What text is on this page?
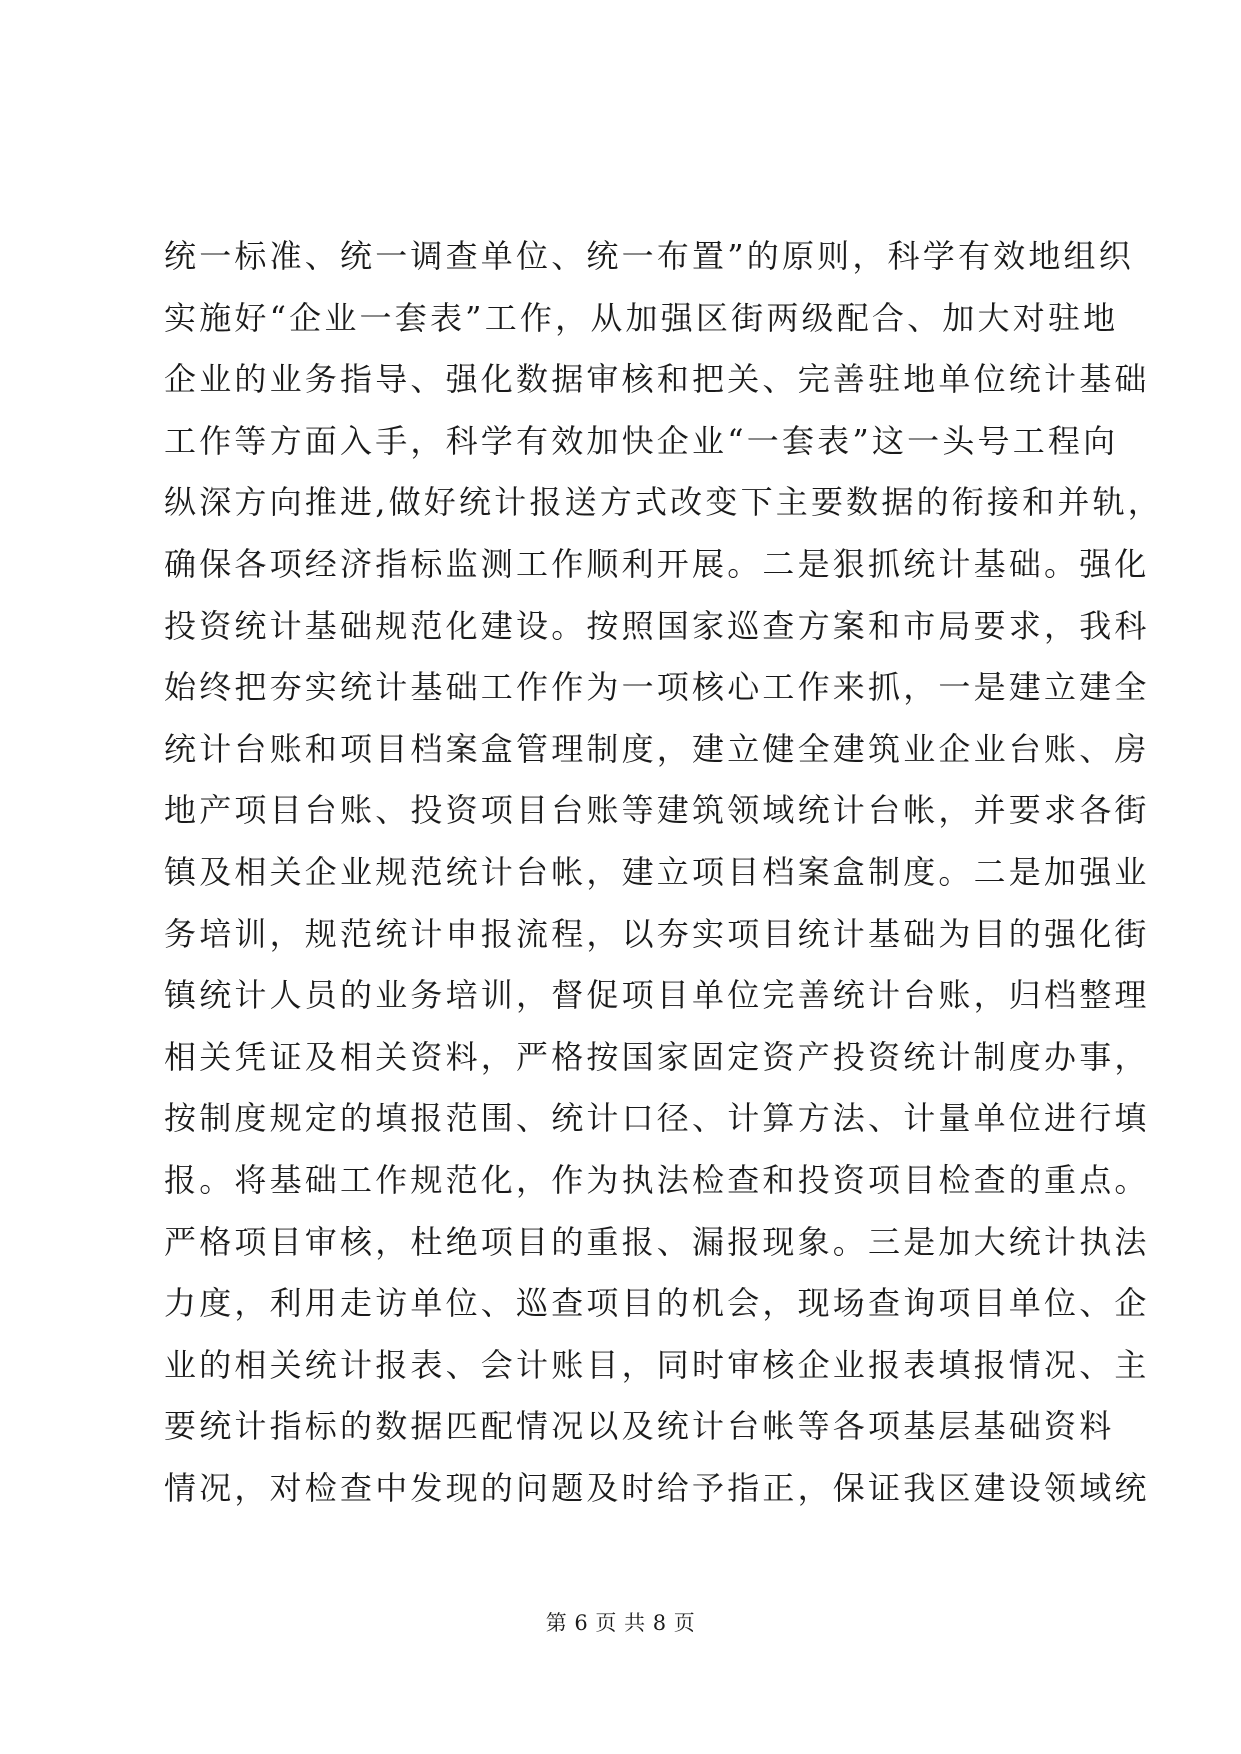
统一标准、统一调查单位、统一布置”的原则，科学有效地组织
实施好“企业一套表”工作，从加强区街两级配合、加大对驻地
企业的业务指导、强化数据审核和把关、完善驻地单位统计基础
工作等方面入手，科学有效加快企业“一套表”这一头号工程向
纵深方向推进,做好统计报送方式改变下主要数据的衔接和并轨，
确保各项经济指标监测工作顺利开展。二是狠抓统计基础。强化
投资统计基础规范化建设。按照国家巡查方案和市局要求，我科
始终把夯实统计基础工作作为一项核心工作来抓，一是建立建全
统计台账和项目档案盒管理制度，建立健全建筑业企业台账、房
地产项目台账、投资项目台账等建筑领域统计台帐，并要求各街
镇及相关企业规范统计台帐，建立项目档案盒制度。二是加强业
务培训，规范统计申报流程，以夯实项目统计基础为目的强化街
镇统计人员的业务培训，督促项目单位完善统计台账，归档整理
相关凭证及相关资料，严格按国家固定资产投资统计制度办事，
按制度规定的填报范围、统计口径、计算方法、计量单位进行填
报。将基础工作规范化，作为执法检查和投资项目检查的重点。
严格项目审核，杜绝项目的重报、漏报现象。三是加大统计执法
力度，利用走访单位、巡查项目的机会，现场查询项目单位、企
业的相关统计报表、会计账目，同时审核企业报表填报情况、主
要统计指标的数据匹配情况以及统计台帐等各项基层基础资料
情况，对检查中发现的问题及时给予指正，保证我区建设领域统
第 6 页 共 8 页
